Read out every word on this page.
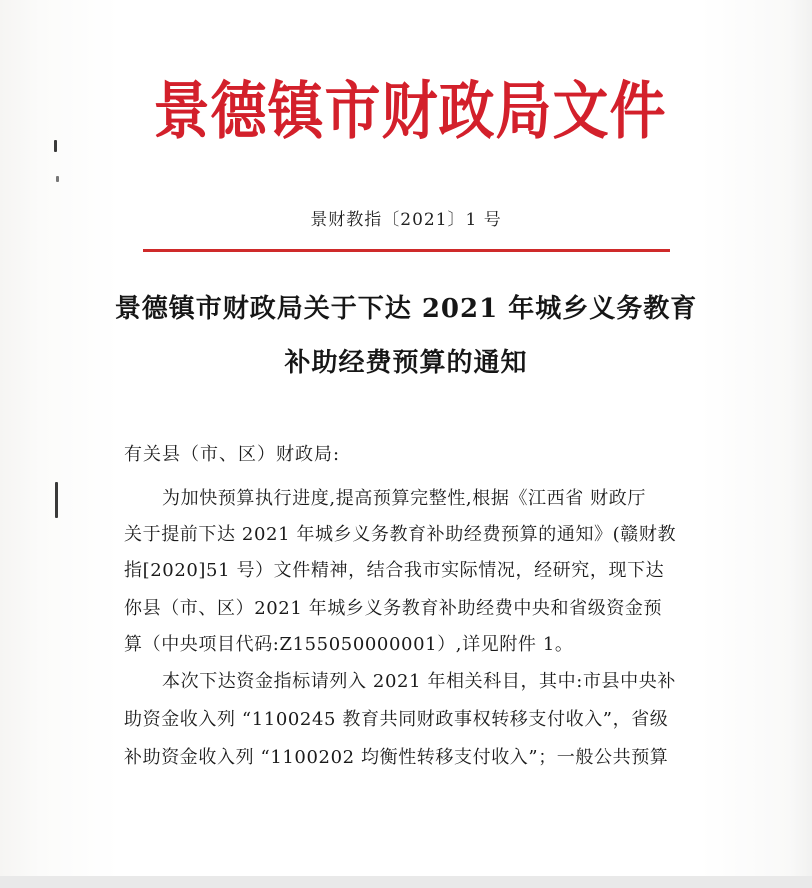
景德镇市财政局文件
景财教指〔2021〕1 号
景德镇市财政局关于下达 2021 年城乡义务教育
补助经费预算的通知
有关县（市、区）财政局:
为加快预算执行进度,提高预算完整性,根据《江西省 财政厅
关于提前下达 2021 年城乡义务教育补助经费预算的通知》(赣财教
指[2020]51 号）文件精神，结合我市实际情况，经研究，现下达
你县（市、区）2021 年城乡义务教育补助经费中央和省级资金预
算（中央项目代码:Z155050000001）,详见附件 1。
本次下达资金指标请列入 2021 年相关科目，其中:市县中央补
助资金收入列 “1100245 教育共同财政事权转移支付收入”，省级
补助资金收入列 “1100202 均衡性转移支付收入”；一般公共预算
